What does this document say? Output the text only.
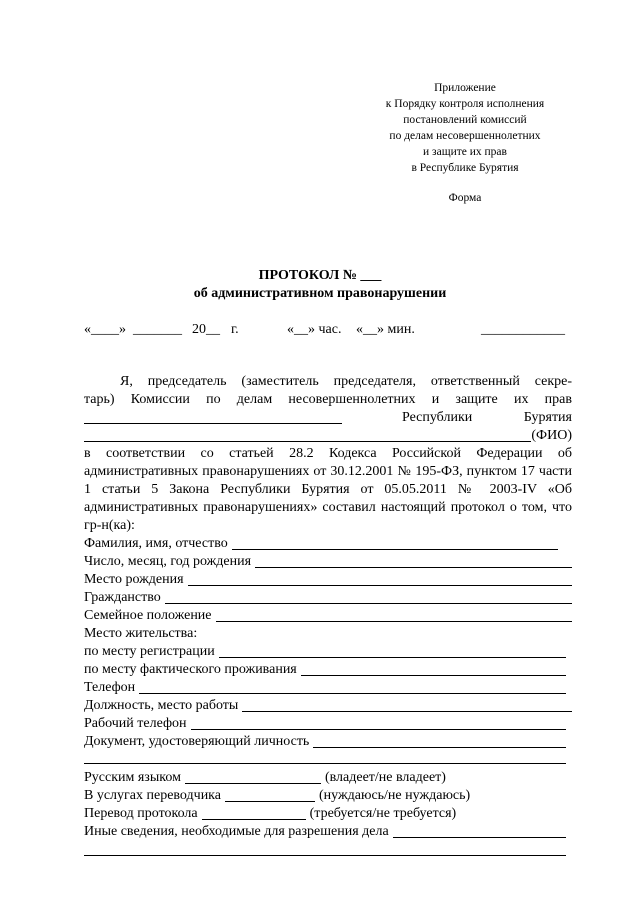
Приложение
к Порядку контроля исполнения
постановлений комиссий
по делам несовершеннолетних
и защите их прав
в Республике Бурятия
Форма
ПРОТОКОЛ № ___
об административном правонарушении
«____» _______ 20__ г.	«__» час. «__» мин.	____________
Я, председатель (заместитель председателя, ответственный секре-
тарь) Комиссии по делам несовершеннолетних и защите их прав
Республики Бурятия
(ФИО)
в соответствии со статьей 28.2 Кодекса Российской Федерации об административных правонарушениях от 30.12.2001 № 195-ФЗ, пунктом 17 части 1 статьи 5 Закона Республики Бурятия от 05.05.2011 № 2003-IV «Об административных правонарушениях» составил настоящий протокол о том, что гр-н(ка):
Фамилия, имя, отчество
Число, месяц, год рождения
Место рождения
Гражданство
Семейное положение
Место жительства:
по месту регистрации
по месту фактического проживания
Телефон
Должность, место работы
Рабочий телефон
Документ, удостоверяющий личность
Русским языком	(владеет/не владеет)
В услугах переводчика	(нуждаюсь/не нуждаюсь)
Перевод протокола	(требуется/не требуется)
Иные сведения, необходимые для разрешения дела
